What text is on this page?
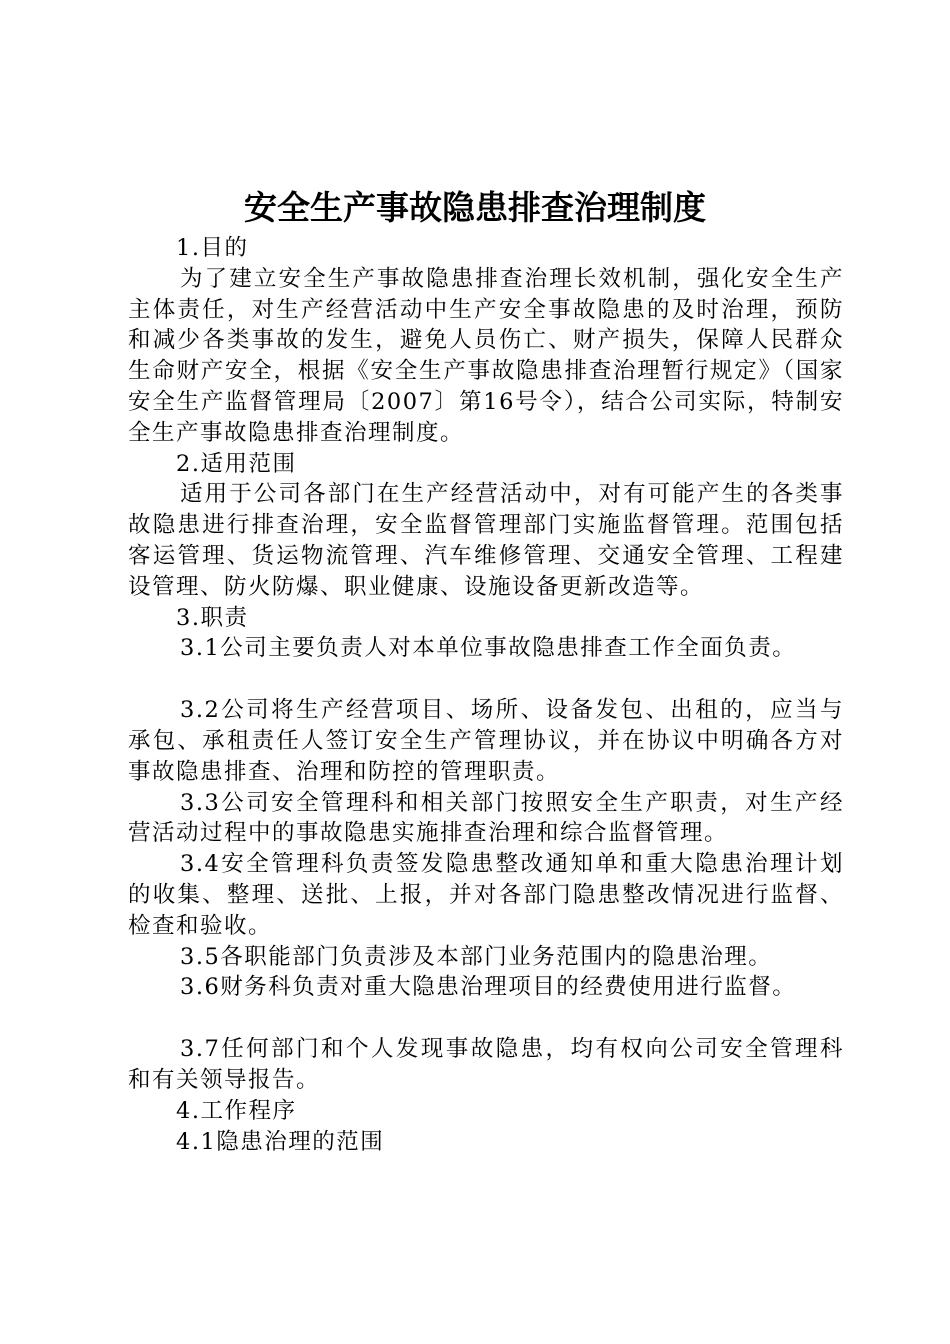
安全生产事故隐患排查治理制度

1.目的

为了建立安全生产事故隐患排查治理长效机制，强化安全生产主体责任，对生产经营活动中生产安全事故隐患的及时治理，预防和减少各类事故的发生，避免人员伤亡、财产损失，保障人民群众生命财产安全，根据《安全生产事故隐患排查治理暂行规定》（国家安全生产监督管理局〔2007〕第16号令），结合公司实际，特制安全生产事故隐患排查治理制度。

2.适用范围

适用于公司各部门在生产经营活动中，对有可能产生的各类事故隐患进行排查治理，安全监督管理部门实施监督管理。范围包括客运管理、货运物流管理、汽车维修管理、交通安全管理、工程建设管理、防火防爆、职业健康、设施设备更新改造等。

3.职责

3.1公司主要负责人对本单位事故隐患排查工作全面负责。

3.2公司将生产经营项目、场所、设备发包、出租的，应当与承包、承租责任人签订安全生产管理协议，并在协议中明确各方对事故隐患排查、治理和防控的管理职责。

3.3公司安全管理科和相关部门按照安全生产职责，对生产经营活动过程中的事故隐患实施排查治理和综合监督管理。

3.4安全管理科负责签发隐患整改通知单和重大隐患治理计划的收集、整理、送批、上报，并对各部门隐患整改情况进行监督、检查和验收。

3.5各职能部门负责涉及本部门业务范围内的隐患治理。

3.6财务科负责对重大隐患治理项目的经费使用进行监督。

3.7任何部门和个人发现事故隐患，均有权向公司安全管理科和有关领导报告。

4.工作程序

4.1隐患治理的范围
